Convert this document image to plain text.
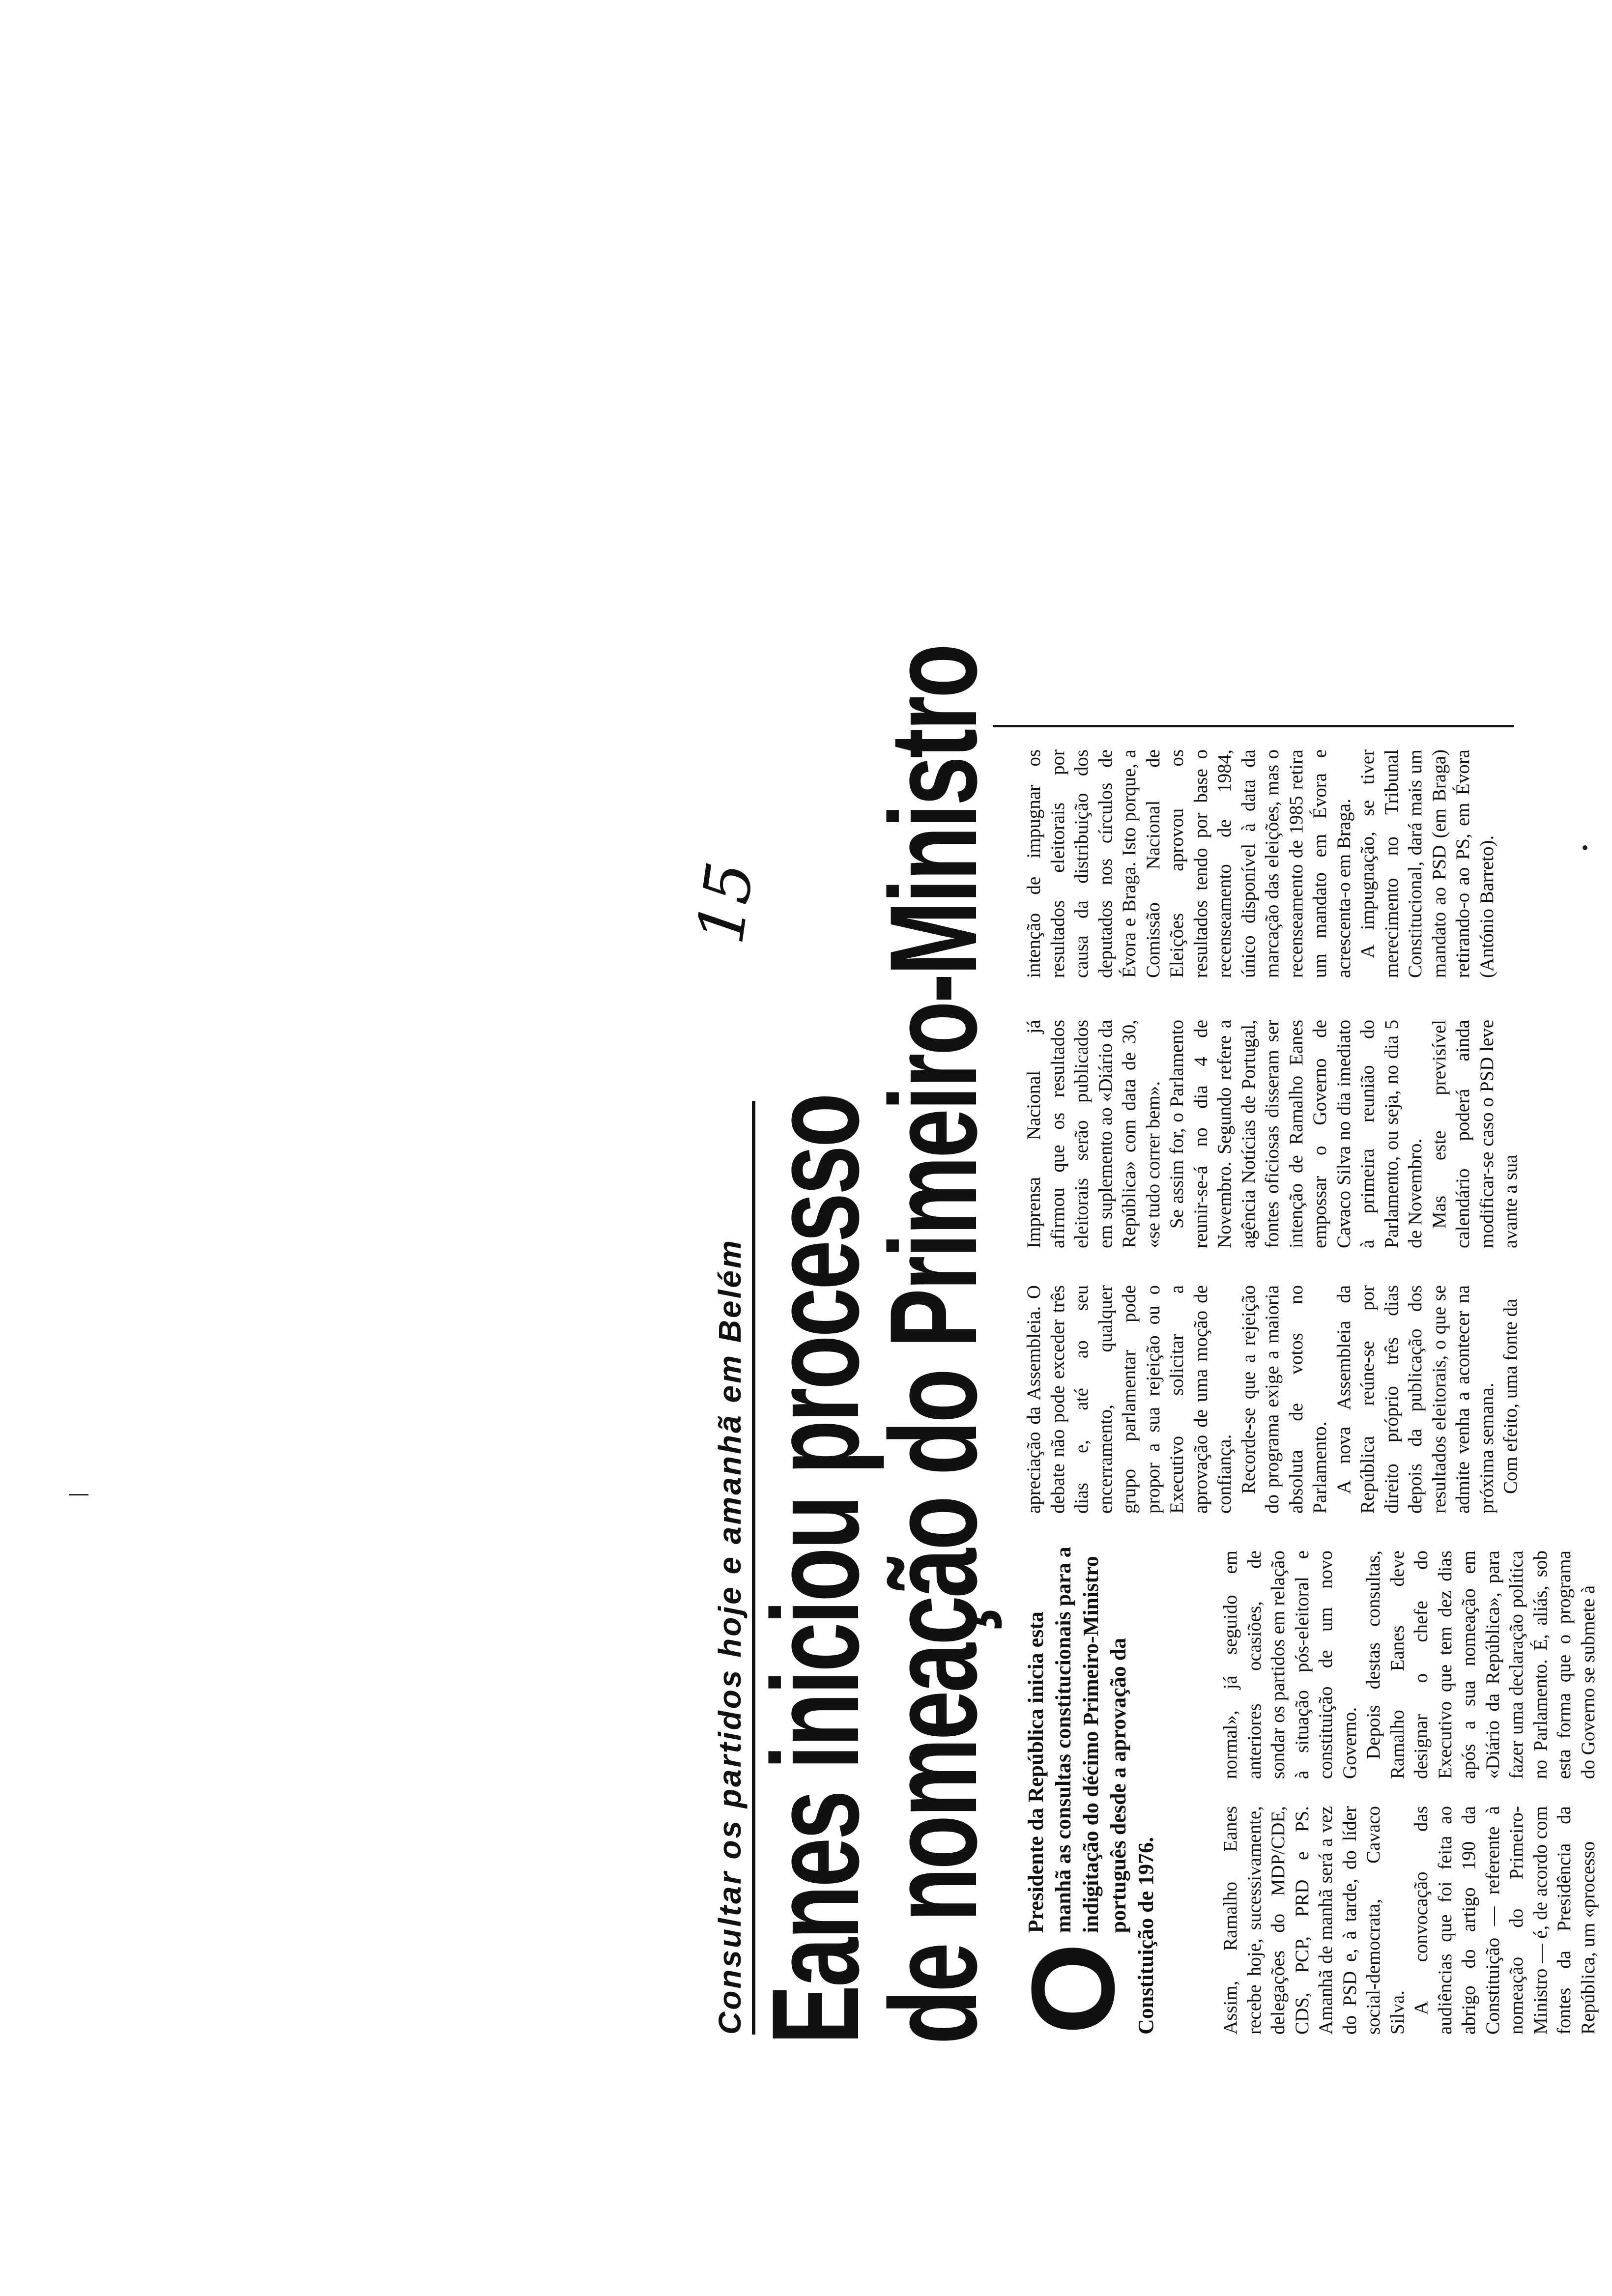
Consultar os partidos hoje e amanhã em Belém
15
Eanes iniciou processo
de nomeação do Primeiro-Ministro O
Presidente da República inicia esta manhã as consultas constitucionais para a indigitação do décimo Primeiro-Ministro português desde a aprovação da Constituição de 1976.	Assim, Ramalho Eanes recebe hoje, sucessivamente, delegações do MDP/CDE, CDS, PCP, PRD e PS. Amanhã de manhã será a vez do PSD e, à tarde, do líder social-democrata, Cavaco Silva. A convocação das audiências que foi feita ao abrigo do artigo 190 da Constituição — referente à nomeação do Primeiro-Ministro — é, de acordo com fontes da Presidência da República, um «processo

normal», já seguido em anteriores ocasiões, de sondar os partidos em relação à situação pós-eleitoral e constituição de um novo Governo. Depois destas consultas, Ramalho Eanes deve designar o chefe do Executivo que tem dez dias após a sua nomeação em «Diário da República», para fazer uma declaração política no Parlamento. É, aliás, sob esta forma que o programa do Governo se submete à

apreciação da Assembleia. O debate não pode exceder três dias e, até ao seu encerramento, qualquer grupo parlamentar pode propor a sua rejeição ou o Executivo solicitar a aprovação de uma moção de confiança. Recorde-se que a rejeição do programa exige a maioria absoluta de votos no Parlamento. A nova Assembleia da República reúne-se por direito próprio três dias depois da publicação dos resultados eleitorais, o que se admite venha a acontecer na próxima semana. Com efeito, uma fonte da

Imprensa Nacional já afirmou que os resultados eleitorais serão publicados em suplemento ao «Diário da República» com data de 30, «se tudo correr bem». Se assim for, o Parlamento reunir-se-á no dia 4 de Novembro. Segundo refere a agência Notícias de Portugal, fontes oficiosas disseram ser intenção de Ramalho Eanes empossar o Governo de Cavaco Silva no dia imediato à primeira reunião do Parlamento, ou seja, no dia 5 de Novembro. Mas este previsível calendário poderá ainda modificar-se caso o PSD leve avante a sua

intenção de impugnar os resultados eleitorais por causa da distribuição dos deputados nos círculos de Évora e Braga. Isto porque, a Comissão Nacional de Eleições aprovou os resultados tendo por base o recenseamento de 1984, único disponível à data da marcação das eleições, mas o recenseamento de 1985 retira um mandato em Évora e acrescenta-o em Braga. A impugnação, se tiver merecimento no Tribunal Constitucional, dará mais um mandato ao PSD (em Braga) retirando-o ao PS, em Évora (António Barreto).
